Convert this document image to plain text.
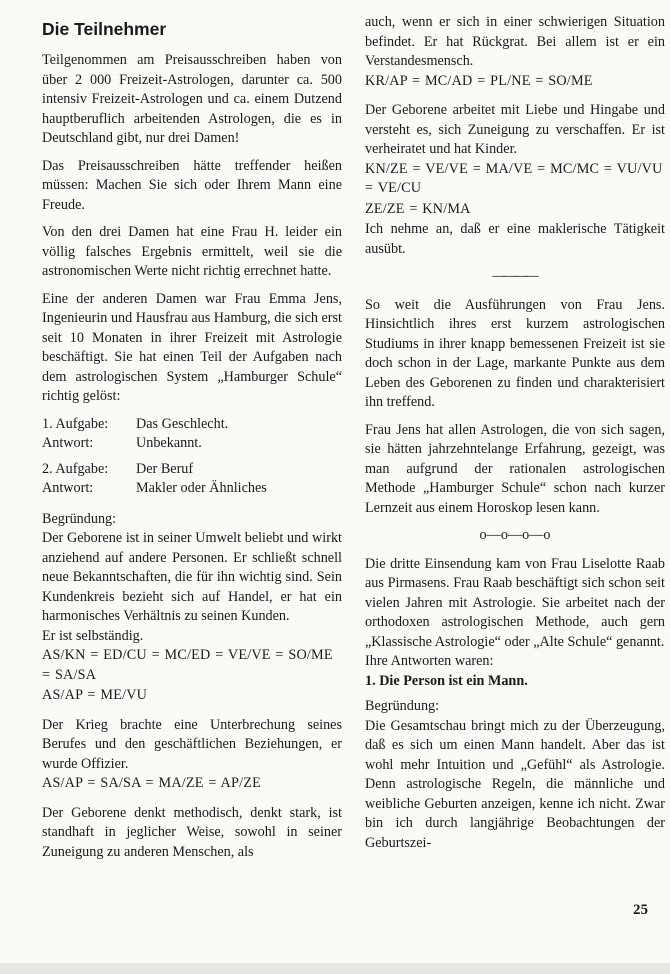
Die Teilnehmer

Teilgenommen am Preisausschreiben haben von über 2 000 Freizeit-Astrologen, darunter ca. 500 intensiv Freizeit-Astrologen und ca. einem Dutzend hauptberuflich arbeitenden Astrologen, die es in Deutschland gibt, nur drei Damen!

Das Preisausschreiben hätte treffender heißen müssen: Machen Sie sich oder Ihrem Mann eine Freude.

Von den drei Damen hat eine Frau H. leider ein völlig falsches Ergebnis ermittelt, weil sie die astronomischen Werte nicht richtig errechnet hatte.

Eine der anderen Damen war Frau Emma Jens, Ingenieurin und Hausfrau aus Hamburg, die sich erst seit 10 Monaten in ihrer Freizeit mit Astrologie beschäftigt. Sie hat einen Teil der Aufgaben nach dem astrologischen System „Hamburger Schule“ richtig gelöst:

1. Aufgabe:	Das Geschlecht.
Antwort:	Unbekannt.
2. Aufgabe:	Der Beruf
Antwort:	Makler oder Ähnliches

Begründung:

Der Geborene ist in seiner Umwelt beliebt und wirkt anziehend auf andere Personen. Er schließt schnell neue Bekanntschaften, die für ihn wichtig sind. Sein Kundenkreis bezieht sich auf Handel, er hat ein harmonisches Verhältnis zu seinen Kunden.

Er ist selbständig.

AS/KN = ED/CU = MC/ED = VE/VE = SO/ME = SA/SA

AS/AP = ME/VU

Der Krieg brachte eine Unterbrechung seines Berufes und den geschäftlichen Beziehungen, er wurde Offizier.

AS/AP = SA/SA = MA/ZE = AP/ZE

Der Geborene denkt methodisch, denkt stark, ist standhaft in jeglicher Weise, sowohl in seiner Zuneigung zu anderen Menschen, als

auch, wenn er sich in einer schwierigen Situation befindet. Er hat Rückgrat. Bei allem ist er ein Verstandesmensch.

KR/AP = MC/AD = PL/NE = SO/ME

Der Geborene arbeitet mit Liebe und Hingabe und versteht es, sich Zuneigung zu verschaffen. Er ist verheiratet und hat Kinder.

KN/ZE = VE/VE = MA/VE = MC/MC = VU/VU = VE/CU

ZE/ZE = KN/MA

Ich nehme an, daß er eine maklerische Tätigkeit ausübt.

— — — —

So weit die Ausführungen von Frau Jens. Hinsichtlich ihres erst kurzem astrologischen Studiums in ihrer knapp bemessenen Freizeit ist sie doch schon in der Lage, markante Punkte aus dem Leben des Geborenen zu finden und charakterisiert ihn treffend.

Frau Jens hat allen Astrologen, die von sich sagen, sie hätten jahrzehntelange Erfahrung, gezeigt, was man aufgrund der rationalen astrologischen Methode „Hamburger Schule“ schon nach kurzer Lernzeit aus einem Horoskop lesen kann.

o—o—o—o

Die dritte Einsendung kam von Frau Liselotte Raab aus Pirmasens. Frau Raab beschäftigt sich schon seit vielen Jahren mit Astrologie. Sie arbeitet nach der orthodoxen astrologischen Methode, auch gern „Klassische Astrologie“ oder „Alte Schule“ genannt.

Ihre Antworten waren:

1. Die Person ist ein Mann.

Begründung:

Die Gesamtschau bringt mich zu der Überzeugung, daß es sich um einen Mann handelt. Aber das ist wohl mehr Intuition und „Gefühl“ als Astrologie. Denn astrologische Regeln, die männliche und weibliche Geburten anzeigen, kenne ich nicht. Zwar bin ich durch langjährige Beobachtungen der Geburtszei-

25
